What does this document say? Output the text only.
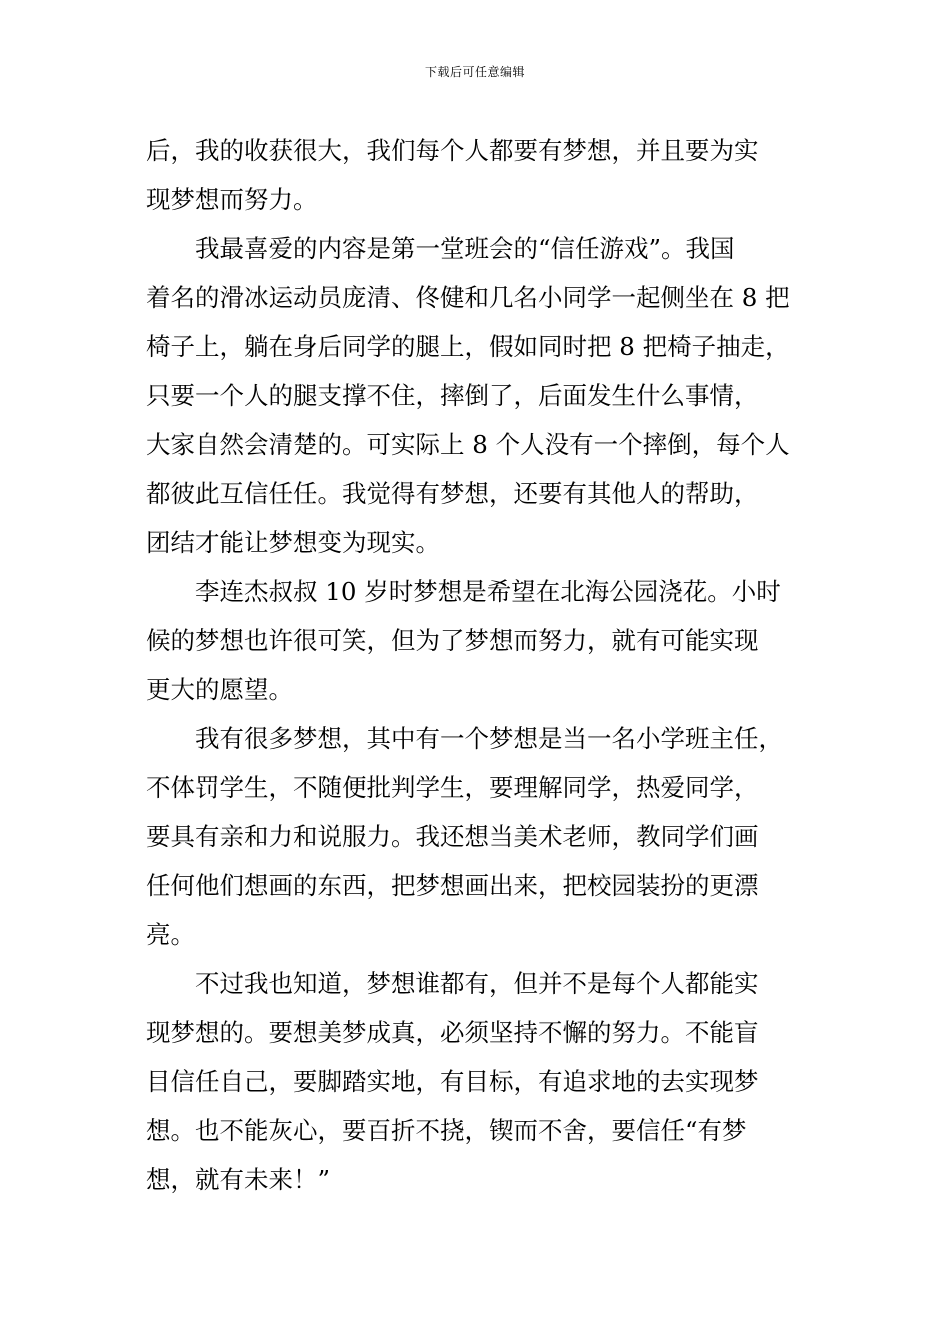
下载后可任意编辑
后，我的收获很大，我们每个人都要有梦想，并且要为实
现梦想而努力。
　　我最喜爱的内容是第一堂班会的“信任游戏”。我国
着名的滑冰运动员庞清、佟健和几名小同学一起侧坐在 8 把
椅子上，躺在身后同学的腿上，假如同时把 8 把椅子抽走，
只要一个人的腿支撑不住，摔倒了，后面发生什么事情，
大家自然会清楚的。可实际上 8 个人没有一个摔倒，每个人
都彼此互信任任。我觉得有梦想，还要有其他人的帮助，
团结才能让梦想变为现实。
　　李连杰叔叔 10 岁时梦想是希望在北海公园浇花。小时
候的梦想也许很可笑，但为了梦想而努力，就有可能实现
更大的愿望。
　　我有很多梦想，其中有一个梦想是当一名小学班主任，
不体罚学生，不随便批判学生，要理解同学，热爱同学，
要具有亲和力和说服力。我还想当美术老师，教同学们画
任何他们想画的东西，把梦想画出来，把校园装扮的更漂
亮。
　　不过我也知道，梦想谁都有，但并不是每个人都能实
现梦想的。要想美梦成真，必须坚持不懈的努力。不能盲
目信任自己，要脚踏实地，有目标，有追求地的去实现梦
想。也不能灰心，要百折不挠，锲而不舍，要信任“有梦
想，就有未来！”
